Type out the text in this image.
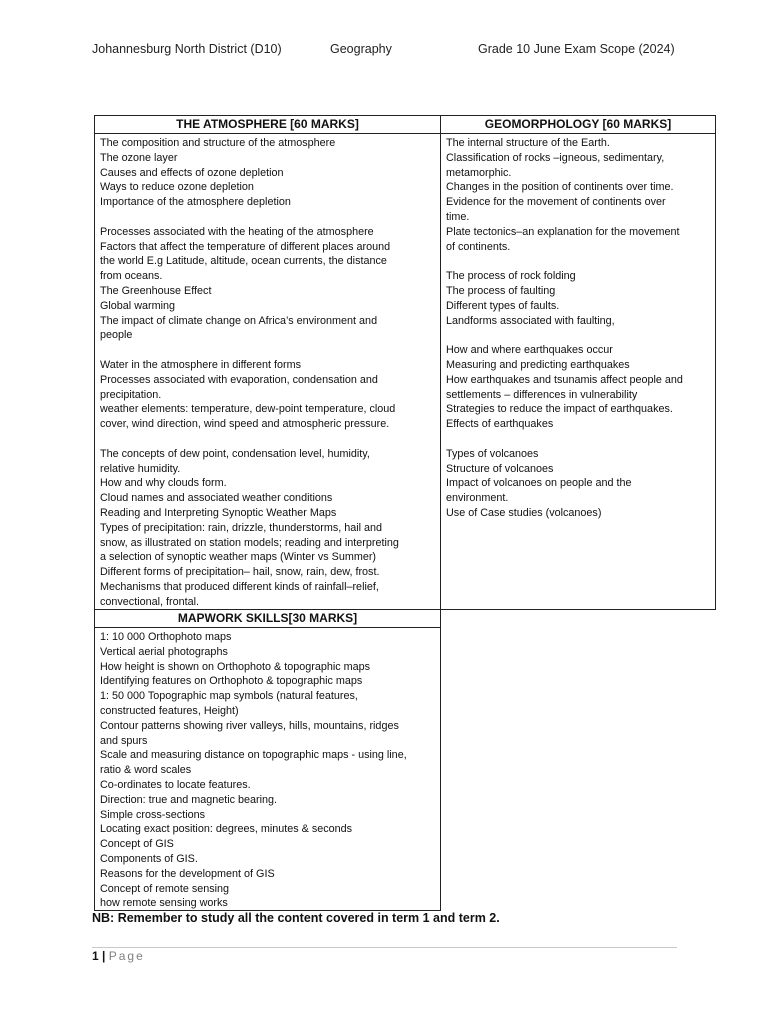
Johannesburg North District (D10)	Geography	Grade 10 June Exam Scope (2024)
THE ATMOSPHERE [60 MARKS]
The composition and structure of the atmosphere
The ozone layer
Causes and effects of ozone depletion
Ways to reduce ozone depletion
Importance of the atmosphere depletion
Processes associated with the heating of the atmosphere
Factors that affect the temperature of different places around
the world E.g Latitude, altitude, ocean currents, the distance
from oceans.
The Greenhouse Effect
Global warming
The impact of climate change on Africa’s environment and
people
Water in the atmosphere in different forms
Processes associated with evaporation, condensation and
precipitation.
weather elements: temperature, dew-point temperature, cloud
cover, wind direction, wind speed and atmospheric pressure.
The concepts of dew point, condensation level, humidity,
relative humidity.
How and why clouds form.
Cloud names and associated weather conditions
Reading and Interpreting Synoptic Weather Maps
Types of precipitation: rain, drizzle, thunderstorms, hail and
snow, as illustrated on station models; reading and interpreting
a selection of synoptic weather maps (Winter vs Summer)
Different forms of precipitation– hail, snow, rain, dew, frost.
Mechanisms that produced different kinds of rainfall–relief,
convectional, frontal.
GEOMORPHOLOGY [60 MARKS]
The internal structure of the Earth.
Classification of rocks –igneous, sedimentary,
metamorphic.
Changes in the position of continents over time.
Evidence for the movement of continents over
time.
Plate tectonics–an explanation for the movement
of continents.
The process of rock folding
The process of faulting
Different types of faults.
Landforms associated with faulting,
How and where earthquakes occur
Measuring and predicting earthquakes
How earthquakes and tsunamis affect people and
settlements – differences in vulnerability
Strategies to reduce the impact of earthquakes.
Effects of earthquakes
Types of volcanoes
Structure of volcanoes
Impact of volcanoes on people and the
environment.
Use of Case studies (volcanoes)
MAPWORK SKILLS[30 MARKS]
1: 10 000 Orthophoto maps
Vertical aerial photographs
How height is shown on Orthophoto & topographic maps
Identifying features on Orthophoto & topographic maps
1: 50 000 Topographic map symbols (natural features,
constructed features, Height)
Contour patterns showing river valleys, hills, mountains, ridges
and spurs
Scale and measuring distance on topographic maps - using line,
ratio & word scales
Co-ordinates to locate features.
Direction: true and magnetic bearing.
Simple cross-sections
Locating exact position: degrees, minutes & seconds
Concept of GIS
Components of GIS.
Reasons for the development of GIS
Concept of remote sensing
how remote sensing works
NB: Remember to study all the content covered in term 1 and term 2.
1 | Page
